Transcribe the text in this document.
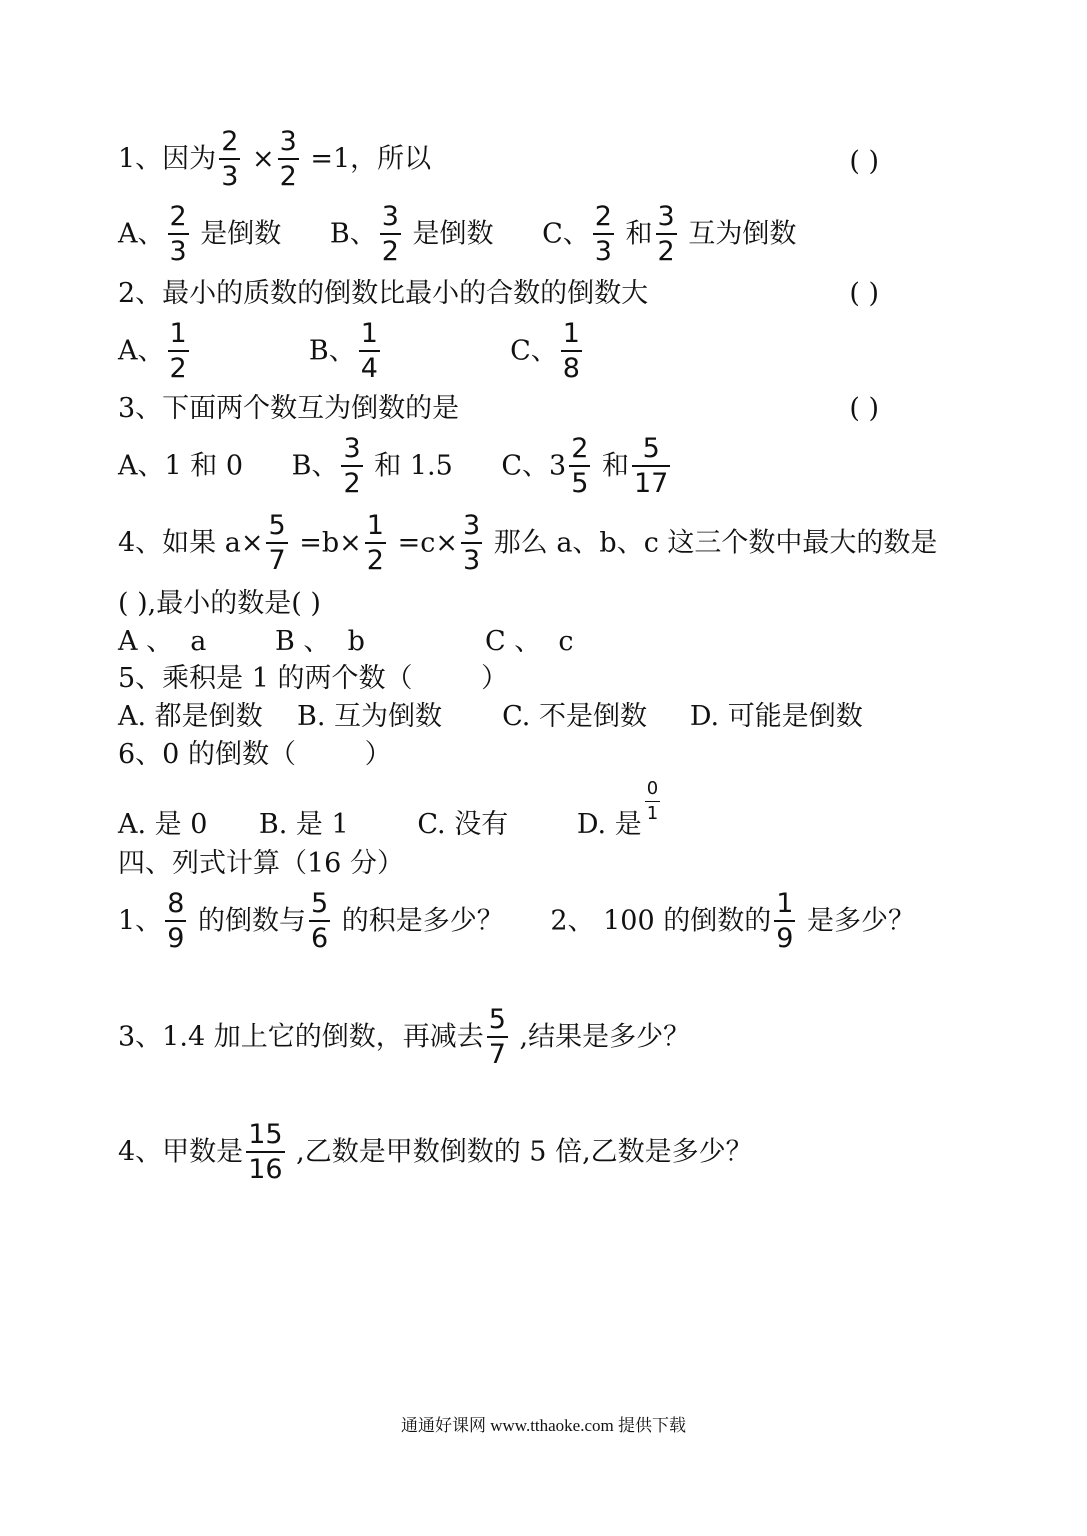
1、因为 $\frac{2}{3} \times \frac{3}{2} =1$，所以	( )
A、 $\frac{2}{3}$ 是倒数 B、 $\frac{3}{2}$ 是倒数 C、 $\frac{2}{3}$ 和 $\frac{3}{2}$ 互为倒数
2、最小的质数的倒数比最小的合数的倒数大	( )
A、 $\frac{1}{2}$	B、 $\frac{1}{4}$	C、 $\frac{1}{8}$
3、下面两个数互为倒数的是	( )
A、1 和 0 B、 $\frac{3}{2}$ 和 1.5 C、$3 \frac{2}{5}$ 和 $\frac{5}{17}$
4、如果 $a\times \frac{5}{7} =b\times \frac{1}{2} =c\times \frac{3}{3}$ 那么 a、b、c 这三个数中最大的数是
( ),最小的数是( )
A 、  a        B 、  b              C 、  c
5、乘积是 1 的两个数（        ）
A. 都是倒数    B. 互为倒数       C. 不是倒数     D. 可能是倒数
6、0 的倒数（        ）
A. 是 0      B. 是 1        C. 没有        D. 是
$\frac{0}{1}$
四、列式计算（16 分）
1、 $\frac{8}{9}$ 的倒数与 $\frac{5}{6}$ 的积是多少？ 2、 100 的倒数的 $\frac{1}{9}$ 是多少？
3、1.4 加上它的倒数，再减去 $\frac{5}{7}$ ,结果是多少？
4、甲数是 $\frac{15}{16}$ ,乙数是甲数倒数的 5 倍,乙数是多少？
通通好课网 www.tthaoke.com 提供下载
